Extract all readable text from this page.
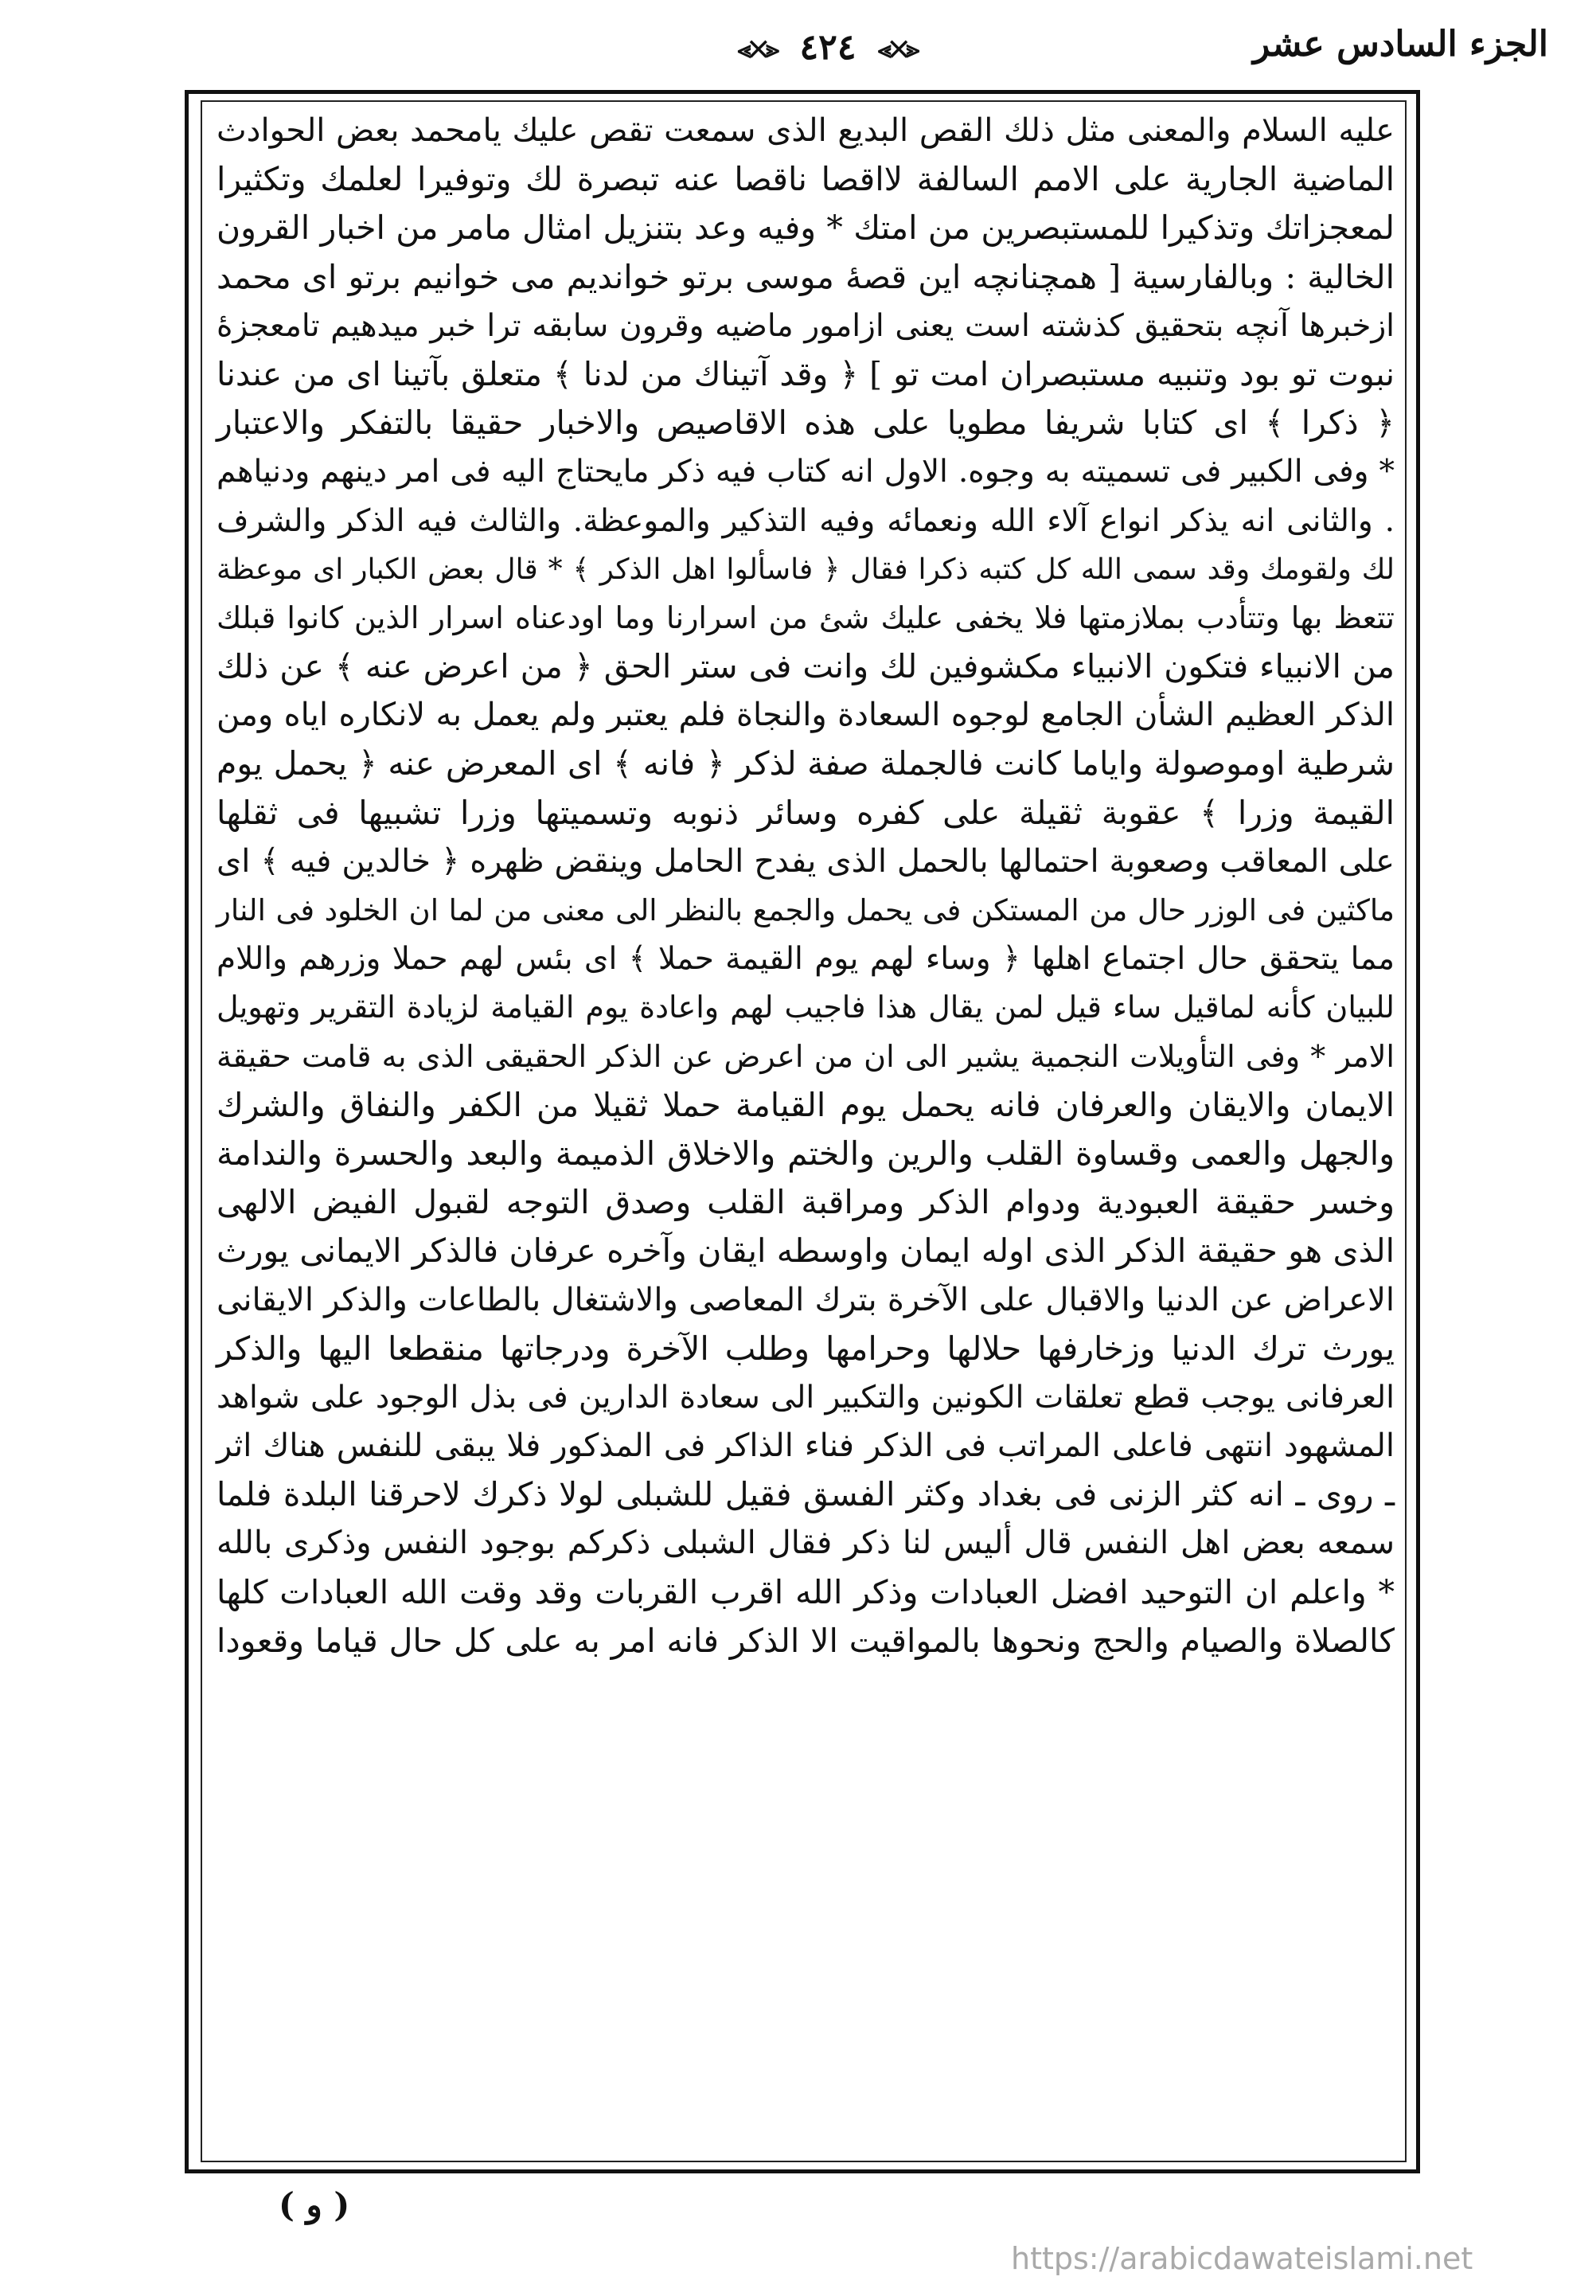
الجزء السادس عشر
⪡✕⪢ ٤٢٤ ⪡✕⪢
عليه السلام والمعنى مثل ذلك القص البديع الذى سمعت تقص عليك يامحمد بعض الحوادث
الماضية الجارية على الامم السالفة لااقصا ناقصا عنه تبصرة لك وتوفيرا لعلمك وتكثيرا
لمعجزاتك وتذكيرا للمستبصرين من امتك * وفيه وعد بتنزيل امثال مامر من اخبار القرون
الخالية : وبالفارسية [ همچنانچه اين قصهٔ موسى برتو خوانديم مى خوانيم برتو اى محمد
ازخبرها آنچه بتحقيق كذشته است يعنى ازامور ماضيه وقرون سابقه ترا خبر ميدهيم تامعجزهٔ
نبوت تو بود وتنبيه مستبصران امت تو ] ﴿ وقد آتيناك من لدنا ﴾ متعلق بآتينا اى من عندنا
﴿ ذكرا ﴾ اى كتابا شريفا مطويا على هذه الاقاصيص والاخبار حقيقا بالتفكر والاعتبار
* وفى الكبير فى تسميته به وجوه. الاول انه كتاب فيه ذكر مايحتاج اليه فى امر دينهم ودنياهم
. والثانى انه يذكر انواع آلاء الله ونعمائه وفيه التذكير والموعظة. والثالث فيه الذكر والشرف
لك ولقومك وقد سمى الله كل كتبه ذكرا فقال ﴿ فاسألوا اهل الذكر ﴾ * قال بعض الكبار اى موعظة
تتعظ بها وتتأدب بملازمتها فلا يخفى عليك شئ من اسرارنا وما اودعناه اسرار الذين كانوا قبلك
من الانبياء فتكون الانبياء مكشوفين لك وانت فى ستر الحق ﴿ من اعرض عنه ﴾ عن ذلك
الذكر العظيم الشأن الجامع لوجوه السعادة والنجاة فلم يعتبر ولم يعمل به لانكاره اياه ومن
شرطية اوموصولة واياما كانت فالجملة صفة لذكر ﴿ فانه ﴾ اى المعرض عنه ﴿ يحمل يوم
القيمة وزرا ﴾ عقوبة ثقيلة على كفره وسائر ذنوبه وتسميتها وزرا تشبيها فى ثقلها
على المعاقب وصعوبة احتمالها بالحمل الذى يفدح الحامل وينقض ظهره ﴿ خالدين فيه ﴾ اى
ماكثين فى الوزر حال من المستكن فى يحمل والجمع بالنظر الى معنى من لما ان الخلود فى النار
مما يتحقق حال اجتماع اهلها ﴿ وساء لهم يوم القيمة حملا ﴾ اى بئس لهم حملا وزرهم واللام
للبيان كأنه لماقيل ساء قيل لمن يقال هذا فاجيب لهم واعادة يوم القيامة لزيادة التقرير وتهويل
الامر * وفى التأويلات النجمية يشير الى ان من اعرض عن الذكر الحقيقى الذى به قامت حقيقة
الايمان والايقان والعرفان فانه يحمل يوم القيامة حملا ثقيلا من الكفر والنفاق والشرك
والجهل والعمى وقساوة القلب والرين والختم والاخلاق الذميمة والبعد والحسرة والندامة
وخسر حقيقة العبودية ودوام الذكر ومراقبة القلب وصدق التوجه لقبول الفيض الالهى
الذى هو حقيقة الذكر الذى اوله ايمان واوسطه ايقان وآخره عرفان فالذكر الايمانى يورث
الاعراض عن الدنيا والاقبال على الآخرة بترك المعاصى والاشتغال بالطاعات والذكر الايقانى
يورث ترك الدنيا وزخارفها حلالها وحرامها وطلب الآخرة ودرجاتها منقطعا اليها والذكر
العرفانى يوجب قطع تعلقات الكونين والتكبير الى سعادة الدارين فى بذل الوجود على شواهد
المشهود انتهى فاعلى المراتب فى الذكر فناء الذاكر فى المذكور فلا يبقى للنفس هناك اثر
ـ روى ـ انه كثر الزنى فى بغداد وكثر الفسق فقيل للشبلى لولا ذكرك لاحرقنا البلدة فلما
سمعه بعض اهل النفس قال أليس لنا ذكر فقال الشبلى ذكركم بوجود النفس وذكرى بالله
* واعلم ان التوحيد افضل العبادات وذكر الله اقرب القربات وقد وقت الله العبادات كلها
كالصلاة والصيام والحج ونحوها بالمواقيت الا الذكر فانه امر به على كل حال قياما وقعودا
( و )
https://arabicdawateislami.net
